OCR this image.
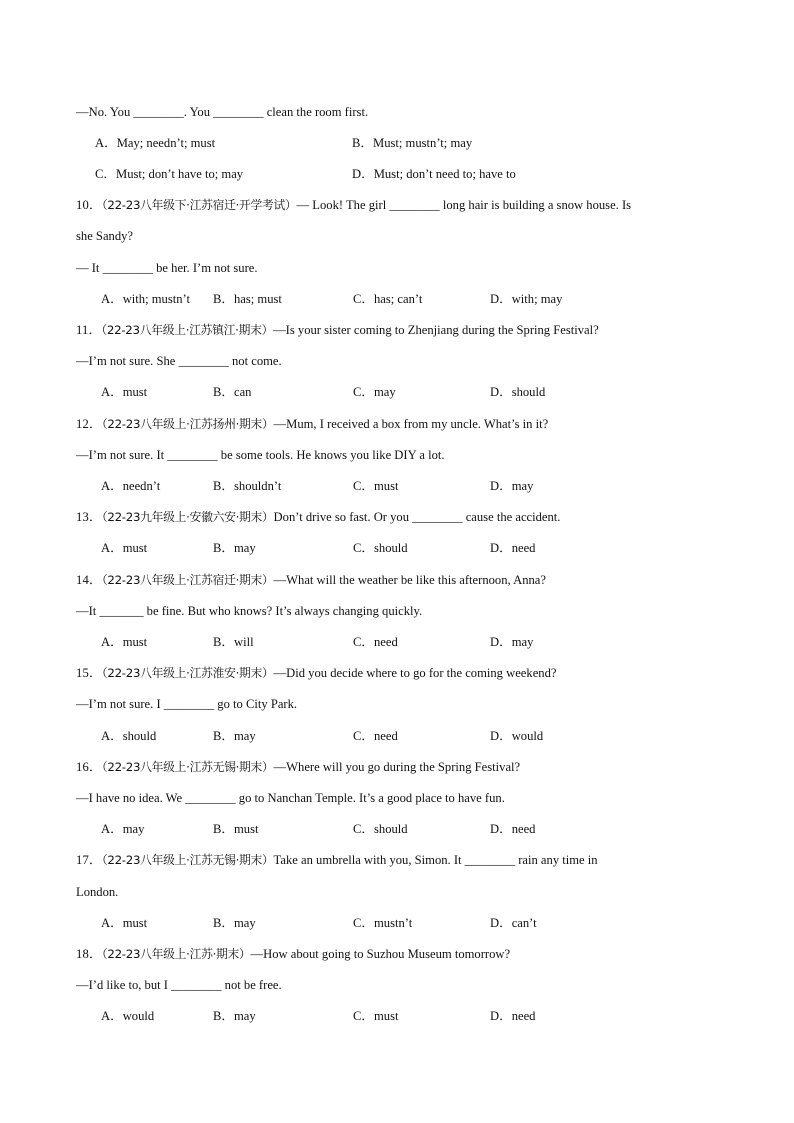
—No. You ________. You ________ clean the room first.
A．May; needn’t; must	B．Must; mustn’t; may
C．Must; don’t have to; may	D．Must; don’t need to; have to
10．（22-23八年级下·江苏宿迁·开学考试）— Look! The girl ________ long hair is building a snow house. Is
she Sandy?
— It ________ be her. I’m not sure.
A．with; mustn’t B．has; must	C．has; can’t	D．with; may
11．（22-23八年级上·江苏镇江·期末）—Is your sister coming to Zhenjiang during the Spring Festival?
—I’m not sure. She ________ not come.
A．must	B．can	C．may	D．should
12．（22-23八年级上·江苏扬州·期末）—Mum, I received a box from my uncle. What’s in it?
—I’m not sure. It ________ be some tools. He knows you like DIY a lot.
A．needn’t	B．shouldn’t	C．must	D．may
13．（22-23九年级上·安徽六安·期末）Don’t drive so fast. Or you ________ cause the accident.
A．must	B．may	C．should	D．need
14．（22-23八年级上·江苏宿迁·期末）—What will the weather be like this afternoon, Anna?
—It _______ be fine. But who knows? It’s always changing quickly.
A．must	B．will	C．need	D．may
15．（22-23八年级上·江苏淮安·期末）—Did you decide where to go for the coming weekend?
—I’m not sure. I ________ go to City Park.
A．should	B．may	C．need	D．would
16．（22-23八年级上·江苏无锡·期末）—Where will you go during the Spring Festival?
—I have no idea. We ________ go to Nanchan Temple. It’s a good place to have fun.
A．may	B．must	C．should	D．need
17．（22-23八年级上·江苏无锡·期末）Take an umbrella with you, Simon. It ________ rain any time in
London.
A．must	B．may	C．mustn’t	D．can’t
18．（22-23八年级上·江苏·期末）—How about going to Suzhou Museum tomorrow?
—I’d like to, but I ________ not be free.
A．would	B．may	C．must	D．need
